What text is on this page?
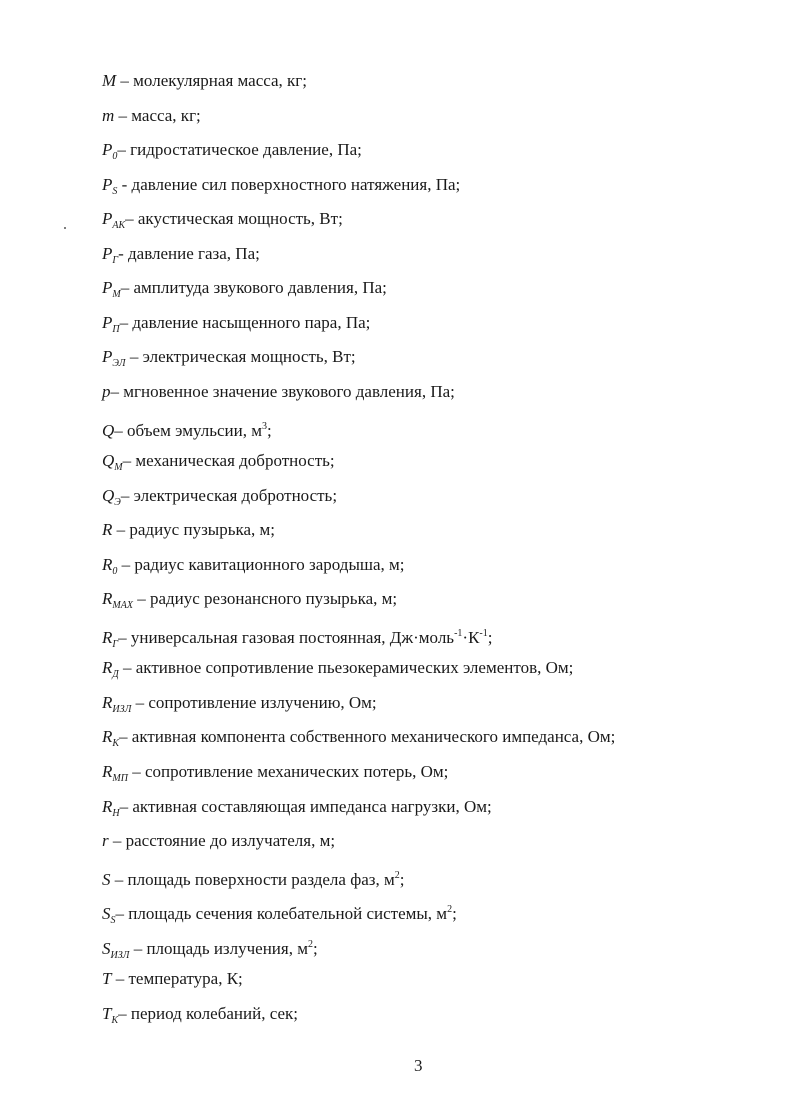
M – молекулярная масса, кг;
m – масса, кг;
$P_0-$ гидростатическое давление, Па;
$P_S$ - давление сил поверхностного натяжения, Па;
$P_{АК}-$ акустическая мощность, Вт;
$P_Г-$ давление газа, Па;
$P_М-$ амплитуда звукового давления, Па;
$P_П-$ давление насыщенного пара, Па;
$P_{ЭЛ}$ – электрическая мощность, Вт;
p– мгновенное значение звукового давления, Па;
Q– объем эмульсии, $м^3$;
$Q_М-$ механическая добротность;
$Q_Э-$ электрическая добротность;
R – радиус пузырька, м;
$R_0$ – радиус кавитационного зародыша, м;
$R_{MAX}$ – радиус резонансного пузырька, м;
$R_Г-$ универсальная газовая постоянная, $Дж\cdot моль^{-1}\cdot К^{-1}$;
$R_Д$ – активное сопротивление пьезокерамических элементов, Ом;
$R_{ИЗЛ}$ – сопротивление излучению, Ом;
$R_К-$ активная компонента собственного механического импеданса, Ом;
$R_{МП}$ – сопротивление механических потерь, Ом;
$R_Н-$ активная составляющая импеданса нагрузки, Ом;
r – расстояние до излучателя, м;
S – площадь поверхности раздела фаз, $м^2$;
$S_S-$ площадь сечения колебательной системы, $м^2$;
$S_{ИЗЛ}$ – площадь излучения, $м^2$;
T – температура, К;
$T_К-$ период колебаний, сек;
3
